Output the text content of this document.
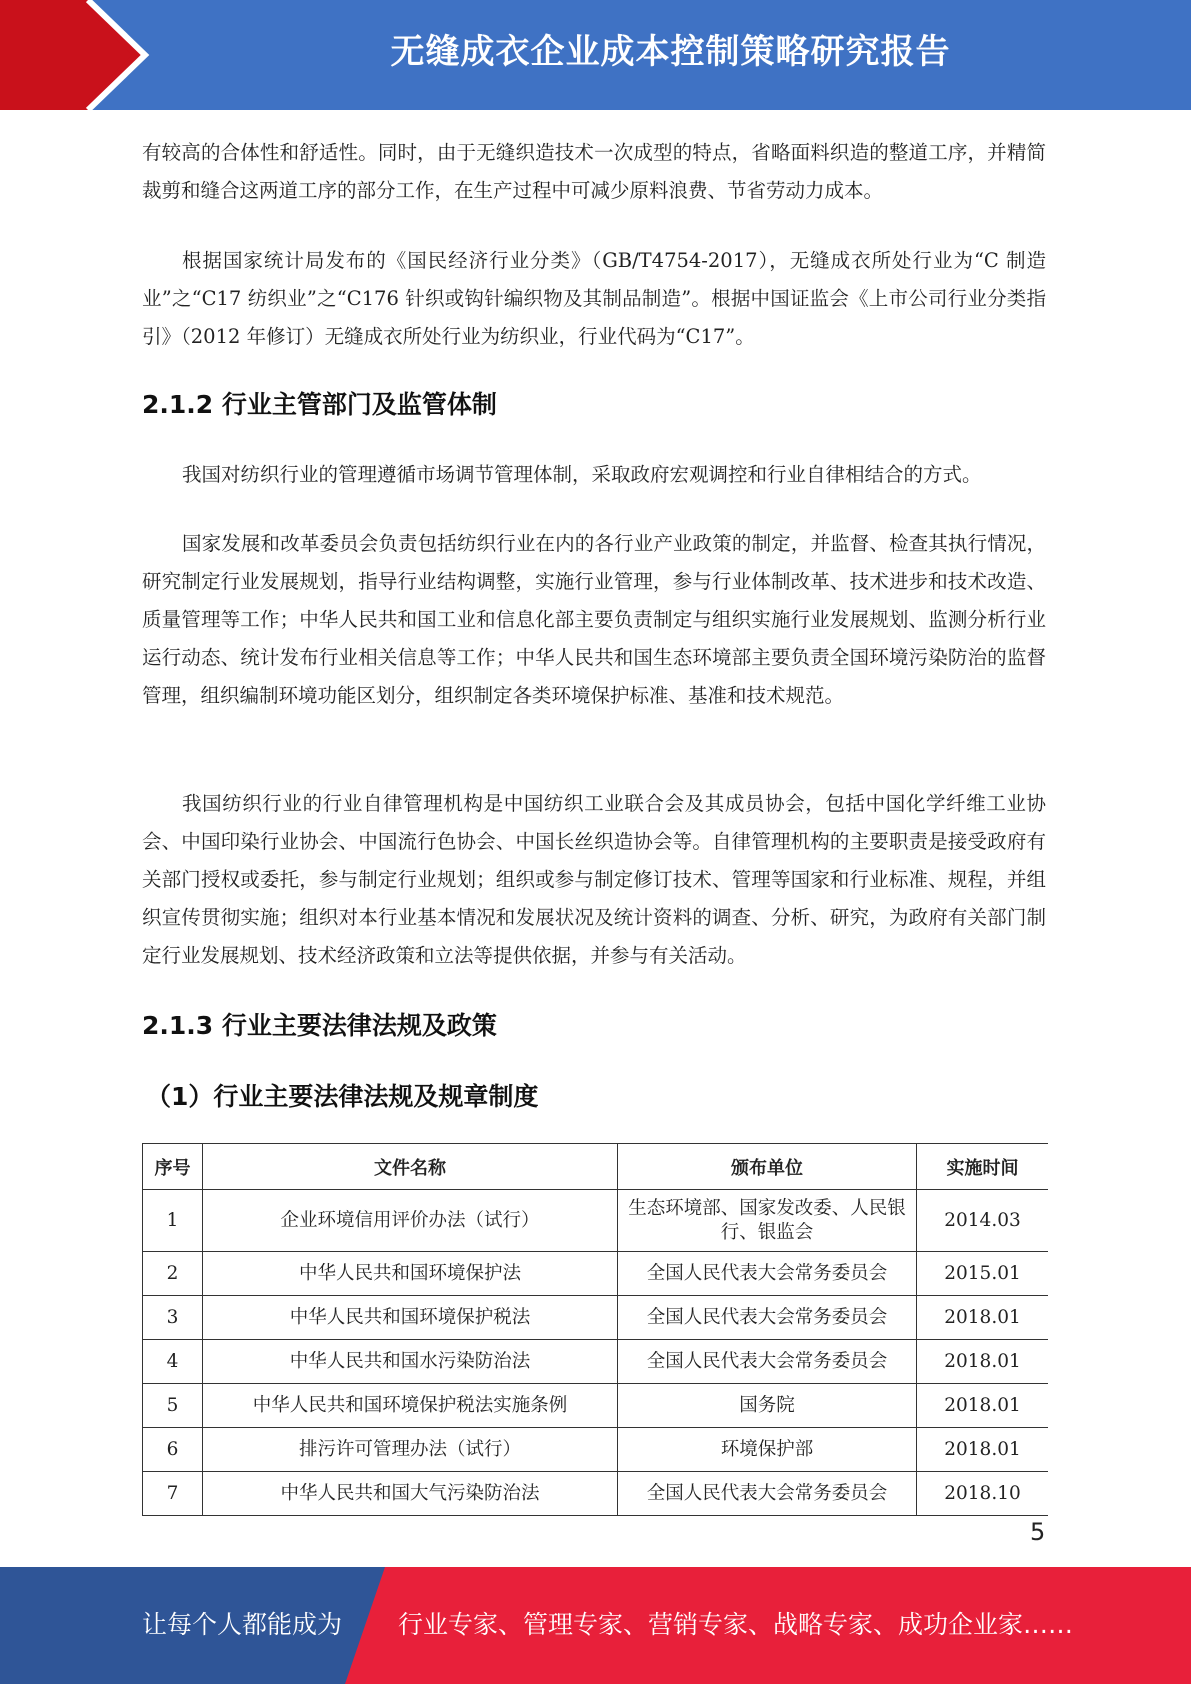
无缝成衣企业成本控制策略研究报告

有较高的合体性和舒适性。同时，由于无缝织造技术一次成型的特点，省略面料织造的整道工序，并精简裁剪和缝合这两道工序的部分工作，在生产过程中可减少原料浪费、节省劳动力成本。

根据国家统计局发布的《国民经济行业分类》（GB/T4754-2017），无缝成衣所处行业为“C 制造业”之“C17 纺织业”之“C176 针织或钩针编织物及其制品制造”。根据中国证监会《上市公司行业分类指引》（2012 年修订）无缝成衣所处行业为纺织业，行业代码为“C17”。

2.1.2 行业主管部门及监管体制

我国对纺织行业的管理遵循市场调节管理体制，采取政府宏观调控和行业自律相结合的方式。

国家发展和改革委员会负责包括纺织行业在内的各行业产业政策的制定，并监督、检查其执行情况，研究制定行业发展规划，指导行业结构调整，实施行业管理，参与行业体制改革、技术进步和技术改造、质量管理等工作；中华人民共和国工业和信息化部主要负责制定与组织实施行业发展规划、监测分析行业运行动态、统计发布行业相关信息等工作；中华人民共和国生态环境部主要负责全国环境污染防治的监督管理，组织编制环境功能区划分，组织制定各类环境保护标准、基准和技术规范。

我国纺织行业的行业自律管理机构是中国纺织工业联合会及其成员协会，包括中国化学纤维工业协会、中国印染行业协会、中国流行色协会、中国长丝织造协会等。自律管理机构的主要职责是接受政府有关部门授权或委托，参与制定行业规划；组织或参与制定修订技术、管理等国家和行业标准、规程，并组织宣传贯彻实施；组织对本行业基本情况和发展状况及统计资料的调查、分析、研究，为政府有关部门制定行业发展规划、技术经济政策和立法等提供依据，并参与有关活动。

2.1.3 行业主要法律法规及政策
（1）行业主要法律法规及规章制度
序号	文件名称	颁布单位	实施时间
1	企业环境信用评价办法（试行）	生态环境部、国家发改委、人民银行、银监会	2014.03
2	中华人民共和国环境保护法	全国人民代表大会常务委员会	2015.01
3	中华人民共和国环境保护税法	全国人民代表大会常务委员会	2018.01
4	中华人民共和国水污染防治法	全国人民代表大会常务委员会	2018.01
5	中华人民共和国环境保护税法实施条例	国务院	2018.01
6	排污许可管理办法（试行）	环境保护部	2018.01
7	中华人民共和国大气污染防治法	全国人民代表大会常务委员会	2018.10
5
让每个人都能成为 行业专家、管理专家、营销专家、战略专家、成功企业家……
